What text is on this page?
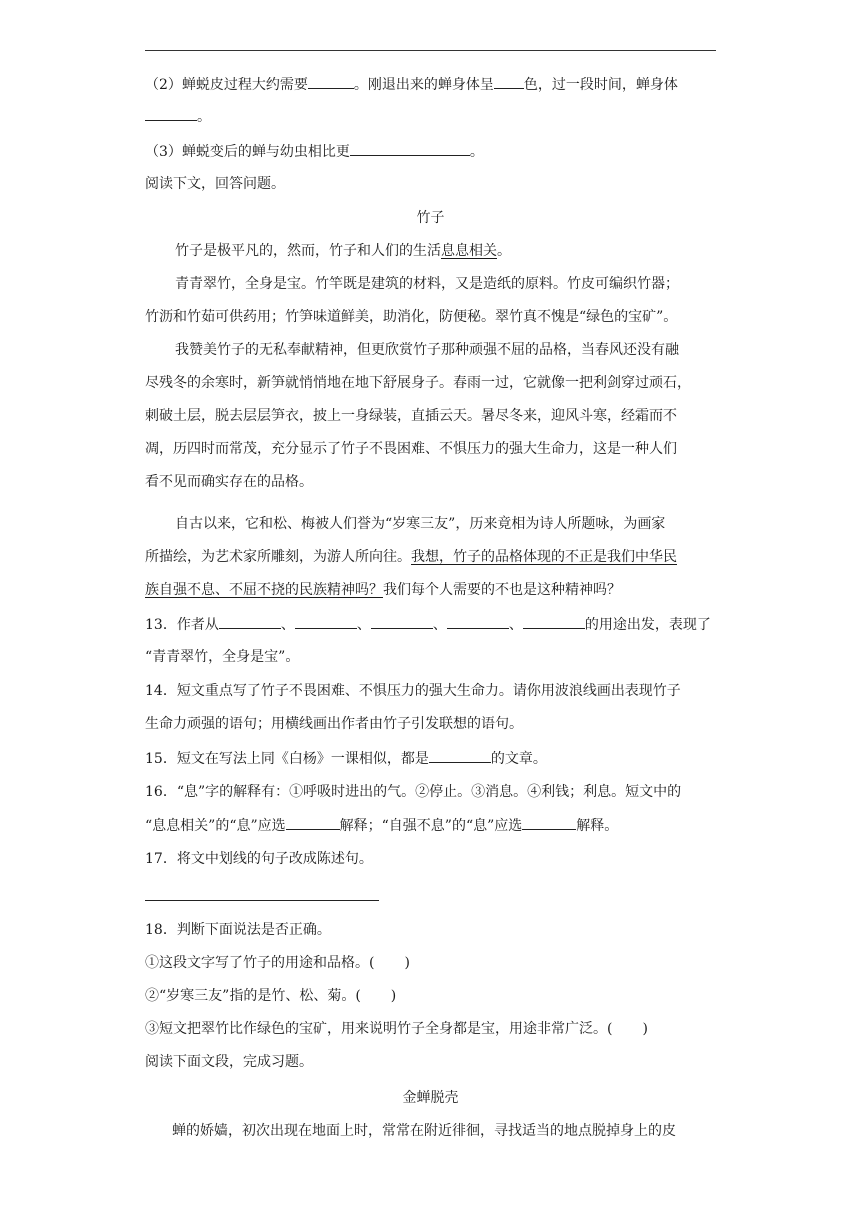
（2）蝉蜕皮过程大约需要	。刚退出来的蝉身体呈 色，过一段时间，蝉身体
。
（3）蝉蜕变后的蝉与幼虫相比更	。
阅读下文，回答问题。
竹子
竹子是极平凡的，然而，竹子和人们的生活息息相关。
青青翠竹，全身是宝。竹竿既是建筑的材料，又是造纸的原料。竹皮可编织竹器；
竹沥和竹茹可供药用；竹笋味道鲜美，助消化，防便秘。翠竹真不愧是“绿色的宝矿”。
我赞美竹子的无私奉献精神，但更欣赏竹子那种顽强不屈的品格，当春风还没有融
尽残冬的余寒时，新笋就悄悄地在地下舒展身子。春雨一过，它就像一把利剑穿过顽石，
刺破土层，脱去层层笋衣，披上一身绿装，直插云天。暑尽冬来，迎风斗寒，经霜而不
凋，历四时而常茂，充分显示了竹子不畏困难、不惧压力的强大生命力，这是一种人们
看不见而确实存在的品格。
自古以来，它和松、梅被人们誉为“岁寒三友”，历来竟相为诗人所题咏，为画家
所描绘，为艺术家所雕刻，为游人所向往。我想，竹子的品格体现的不正是我们中华民
族自强不息、不屈不挠的民族精神吗？我们每个人需要的不也是这种精神吗？
13．作者从	、	、	、	、	的用途出发，表现了
“青青翠竹，全身是宝”。
14．短文重点写了竹子不畏困难、不惧压力的强大生命力。请你用波浪线画出表现竹子
生命力顽强的语句；用横线画出作者由竹子引发联想的语句。
15．短文在写法上同《白杨》一课相似，都是	的文章。
16．“息”字的解释有：①呼吸时进出的气。②停止。③消息。④利钱；利息。短文中的
“息息相关”的“息”应选	解释；“自强不息”的“息”应选	解释。
17．将文中划线的句子改成陈述句。
18．判断下面说法是否正确。
①这段文字写了竹子的用途和品格。( )
②“岁寒三友”指的是竹、松、菊。( )
③短文把翠竹比作绿色的宝矿，用来说明竹子全身都是宝，用途非常广泛。( )
阅读下面文段，完成习题。
金蝉脱壳
蝉的娇嫱，初次出现在地面上时，常常在附近徘徊，寻找适当的地点脱掉身上的皮
